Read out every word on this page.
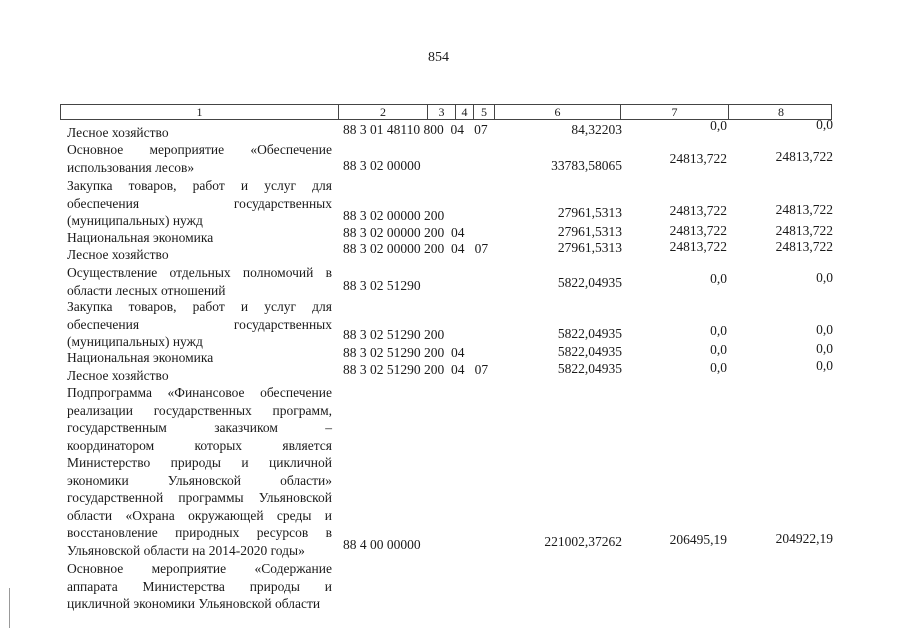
854
1	2	3	4	5	6	7	8
Лесное хозяйство	88 3 01 48110 800  04   07	84,32203	0,0	0,0
Основное мероприятие «Обеспечение использования лесов»	88 3 02 00000	33783,58065	24813,722	24813,722
Закупка товаров, работ и услуг для обеспечения государственных (муниципальных) нужд	88 3 02 00000 200	27961,5313	24813,722	24813,722
Национальная экономика	88 3 02 00000 200  04	27961,5313	24813,722	24813,722
Лесное хозяйство	88 3 02 00000 200  04   07	27961,5313	24813,722	24813,722
Осуществление отдельных полномочий в области лесных отношений	88 3 02 51290	5822,04935	0,0	0,0
Закупка товаров, работ и услуг для обеспечения государственных (муниципальных) нужд	88 3 02 51290 200	5822,04935	0,0	0,0
Национальная экономика	88 3 02 51290 200  04	5822,04935	0,0	0,0
Лесное хозяйство	88 3 02 51290 200  04   07	5822,04935	0,0	0,0
Подпрограмма «Финансовое обеспечение реализации государственных программ, государственным заказчиком – координатором которых является Министерство природы и цикличной экономики Ульяновской области» государственной программы Ульяновской области «Охрана окружающей среды и восстановление природных ресурсов в Ульяновской области на 2014-2020 годы»	88 4 00 00000	221002,37262	206495,19	204922,19
Основное мероприятие «Содержание аппарата Министерства природы и цикличной экономики Ульяновской области
